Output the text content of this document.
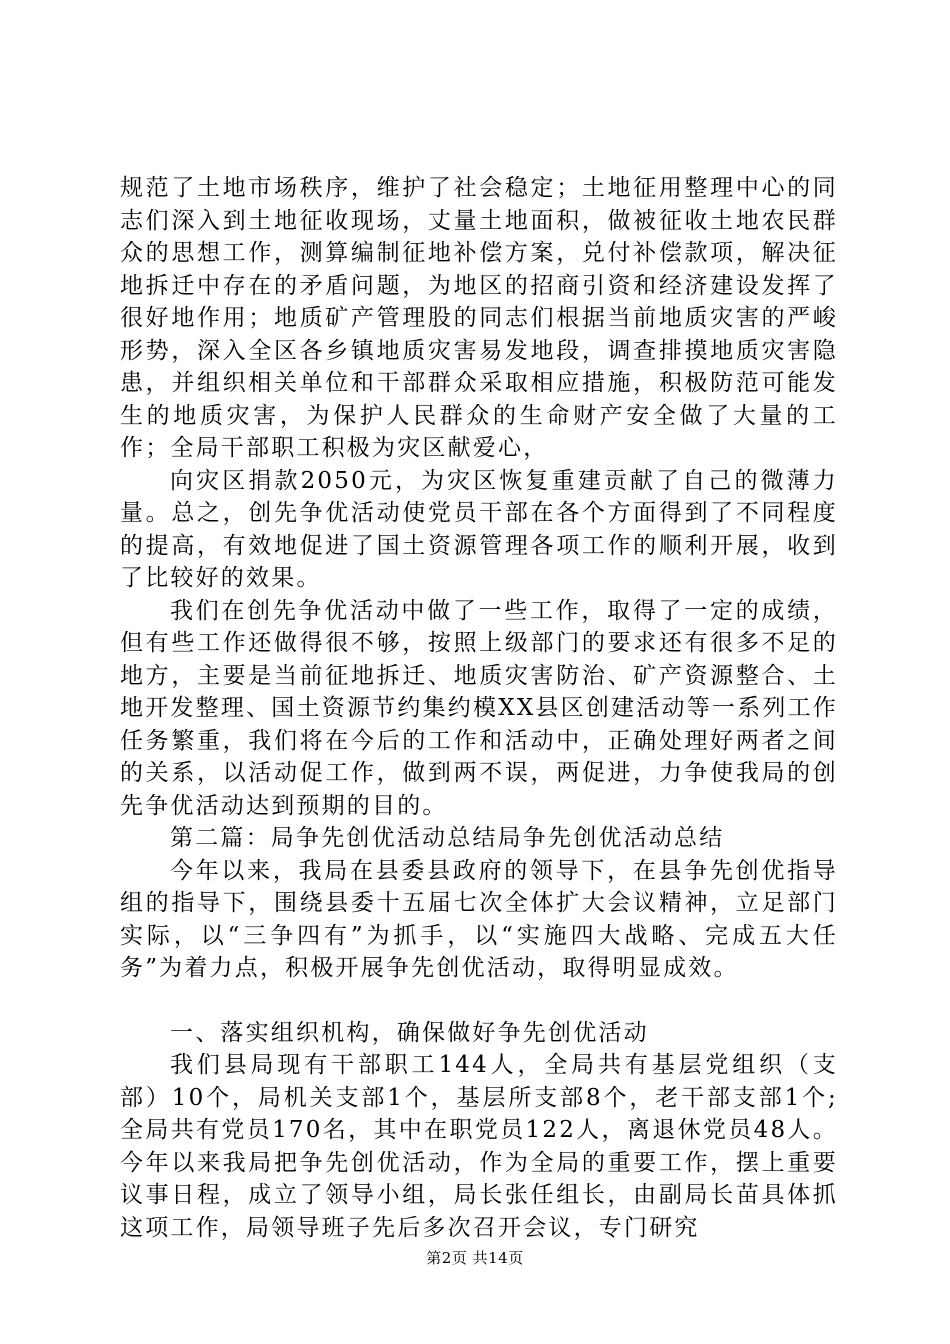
规范了土地市场秩序，维护了社会稳定；土地征用整理中心的同志们深入到土地征收现场，丈量土地面积，做被征收土地农民群众的思想工作，测算编制征地补偿方案，兑付补偿款项，解决征地拆迁中存在的矛盾问题，为地区的招商引资和经济建设发挥了很好地作用；地质矿产管理股的同志们根据当前地质灾害的严峻形势，深入全区各乡镇地质灾害易发地段，调查排摸地质灾害隐患，并组织相关单位和干部群众采取相应措施，积极防范可能发生的地质灾害，为保护人民群众的生命财产安全做了大量的工作；全局干部职工积极为灾区献爱心，

向灾区捐款2050元，为灾区恢复重建贡献了自己的微薄力量。总之，创先争优活动使党员干部在各个方面得到了不同程度的提高，有效地促进了国土资源管理各项工作的顺利开展，收到了比较好的效果。

我们在创先争优活动中做了一些工作，取得了一定的成绩，但有些工作还做得很不够，按照上级部门的要求还有很多不足的地方，主要是当前征地拆迁、地质灾害防治、矿产资源整合、土地开发整理、国土资源节约集约模XX县区创建活动等一系列工作任务繁重，我们将在今后的工作和活动中，正确处理好两者之间的关系，以活动促工作，做到两不误，两促进，力争使我局的创先争优活动达到预期的目的。

第二篇：局争先创优活动总结局争先创优活动总结

今年以来，我局在县委县政府的领导下，在县争先创优指导组的指导下，围绕县委十五届七次全体扩大会议精神，立足部门实际，以“三争四有”为抓手，以“实施四大战略、完成五大任务”为着力点，积极开展争先创优活动，取得明显成效。

一、落实组织机构，确保做好争先创优活动

我们县局现有干部职工144人，全局共有基层党组织（支部）10个，局机关支部1个，基层所支部8个，老干部支部1个;全局共有党员170名，其中在职党员122人，离退休党员48人。今年以来我局把争先创优活动，作为全局的重要工作，摆上重要议事日程，成立了领导小组，局长张任组长，由副局长苗具体抓这项工作，局领导班子先后多次召开会议，专门研究

第2页 共14页
